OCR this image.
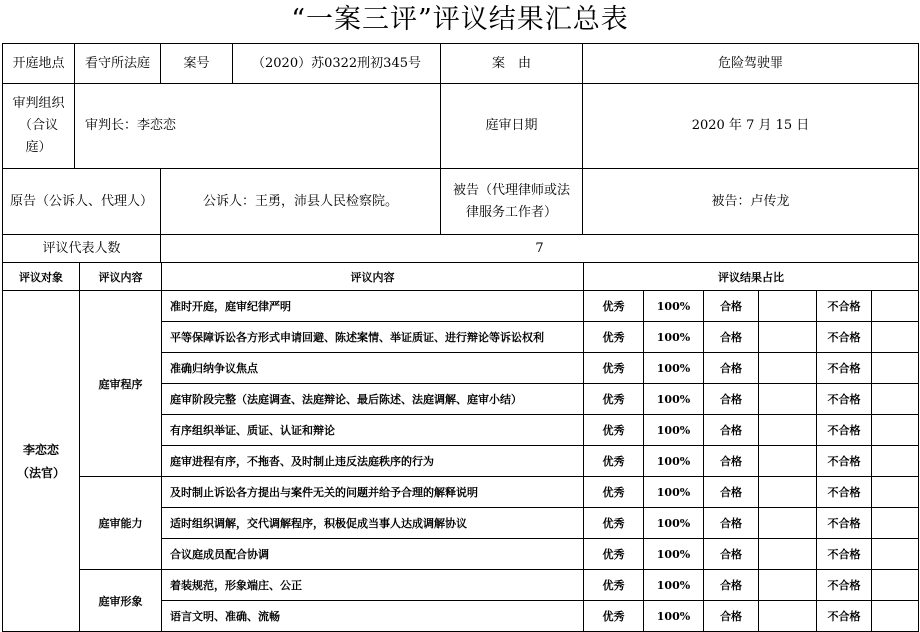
“一案三评”评议结果汇总表
开庭地点	看守所法庭	案号	（2020）苏0322刑初345号	案　由	危险驾驶罪

审判组织
（合议
庭）	审判长：李恋恋			庭审日期	2020 年 7 月 15 日
原告（公诉人、代理人）		公诉人：王勇，沛县人民检察院。		被告（代理律师或法
律服务工作者）	被告：卢传龙
评议代表人数		7			
评议对象	评议内容	评议内容	评议结果占比					

李恋恋
（法官）	庭审程序	准时开庭，庭审纪律严明	优秀	100%	合格		不合格	
		平等保障诉讼各方形式申请回避、陈述案情、举证质证、进行辩论等诉讼权利	优秀	100%	合格		不合格	
		准确归纳争议焦点	优秀	100%	合格		不合格	
		庭审阶段完整（法庭调查、法庭辩论、最后陈述、法庭调解、庭审小结）	优秀	100%	合格		不合格	
		有序组织举证、质证、认证和辩论	优秀	100%	合格		不合格	
		庭审进程有序，不拖沓、及时制止违反法庭秩序的行为	优秀	100%	合格		不合格	
	庭审能力	及时制止诉讼各方提出与案件无关的问题并给予合理的解释说明	优秀	100%	合格		不合格	
		适时组织调解，交代调解程序，积极促成当事人达成调解协议	优秀	100%	合格		不合格	
		合议庭成员配合协调	优秀	100%	合格		不合格	
	庭审形象	着装规范，形象端庄、公正	优秀	100%	合格		不合格	
		语言文明、准确、流畅	优秀	100%	合格		不合格	
